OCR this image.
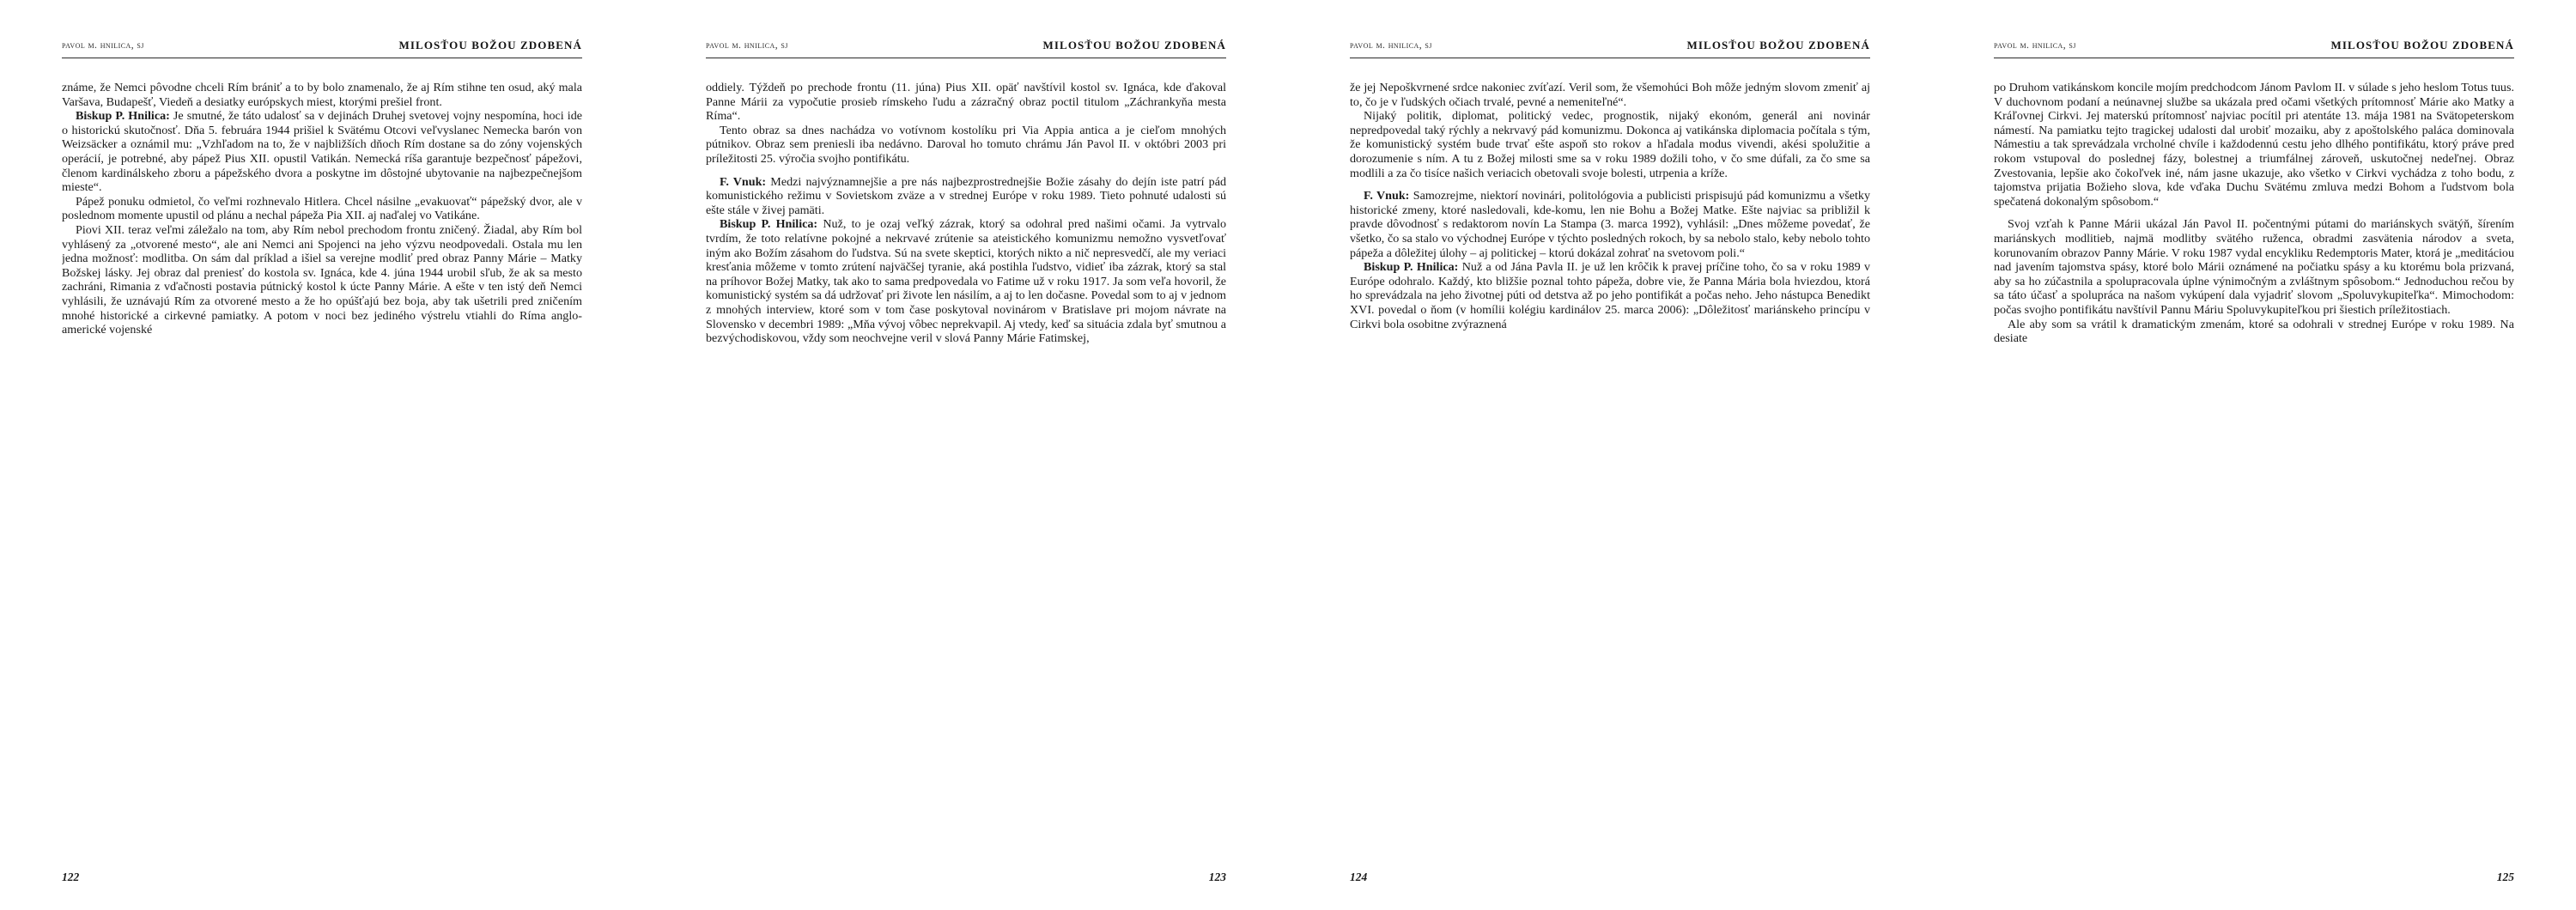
pavol m. hnilica, sj	MILOSŤOU BOŽOU ZDOBENÁ

známe, že Nemci pôvodne chceli Rím brániť a to by bolo znamenalo, že aj Rím stihne ten osud, aký mala Varšava, Budapešť, Viedeň a desiatky európskych miest, ktorými prešiel front.

Biskup P. Hnilica: Je smutné, že táto udalosť sa v dejinách Druhej svetovej vojny nespomína, hoci ide o historickú skutočnosť. Dňa 5. februára 1944 prišiel k Svätému Otcovi veľvyslanec Nemecka barón von Weizsäcker a oznámil mu: „Vzhľadom na to, že v najbližších dňoch Rím dostane sa do zóny vojenských operácií, je potrebné, aby pápež Pius XII. opustil Vatikán. Nemecká ríša garantuje bezpečnosť pápežovi, členom kardinálskeho zboru a pápežského dvora a poskytne im dôstojné ubytovanie na najbezpečnejšom mieste“.

Pápež ponuku odmietol, čo veľmi rozhnevalo Hitlera. Chcel násilne „evakuovať“ pápežský dvor, ale v poslednom momente upustil od plánu a nechal pápeža Pia XII. aj naďalej vo Vatikáne.

Piovi XII. teraz veľmi záležalo na tom, aby Rím nebol prechodom frontu zničený. Žiadal, aby Rím bol vyhlásený za „otvorené mesto“, ale ani Nemci ani Spojenci na jeho výzvu neodpovedali. Ostala mu len jedna možnosť: modlitba. On sám dal príklad a išiel sa verejne modliť pred obraz Panny Márie – Matky Božskej lásky. Jej obraz dal preniesť do kostola sv. Ignáca, kde 4. júna 1944 urobil sľub, že ak sa mesto zachráni, Rimania z vďačnosti postavia pútnický kostol k úcte Panny Márie. A ešte v ten istý deň Nemci vyhlásili, že uznávajú Rím za otvorené mesto a že ho opúšťajú bez boja, aby tak ušetrili pred zničením mnohé historické a cirkevné pamiatky. A potom v noci bez jediného výstrelu vtiahli do Ríma anglo-americké vojenské

122
pavol m. hnilica, sj	MILOSŤOU BOŽOU ZDOBENÁ

oddiely. Týždeň po prechode frontu (11. júna) Pius XII. opäť navštívil kostol sv. Ignáca, kde ďakoval Panne Márii za vypočutie prosieb rímskeho ľudu a zázračný obraz poctil titulom „Záchrankyňa mesta Ríma“.

Tento obraz sa dnes nachádza vo votívnom kostolíku pri Via Appia antica a je cieľom mnohých pútnikov. Obraz sem preniesli iba nedávno. Daroval ho tomuto chrámu Ján Pavol II. v októbri 2003 pri príležitosti 25. výročia svojho pontifikátu.

F. Vnuk: Medzi najvýznamnejšie a pre nás najbezprostrednejšie Božie zásahy do dejín iste patrí pád komunistického režimu v Sovietskom zväze a v strednej Európe v roku 1989. Tieto pohnuté udalosti sú ešte stále v živej pamäti.

Biskup P. Hnilica: Nuž, to je ozaj veľký zázrak, ktorý sa odohral pred našimi očami. Ja vytrvalo tvrdím, že toto relatívne pokojné a nekrvavé zrútenie sa ateistického komunizmu nemožno vysvetľovať iným ako Božím zásahom do ľudstva. Sú na svete skeptici, ktorých nikto a nič nepresvedčí, ale my veriaci kresťania môžeme v tomto zrútení najväčšej tyranie, aká postihla ľudstvo, vidieť iba zázrak, ktorý sa stal na príhovor Božej Matky, tak ako to sama predpovedala vo Fatime už v roku 1917. Ja som veľa hovoril, že komunistický systém sa dá udržovať pri živote len násilím, a aj to len dočasne. Povedal som to aj v jednom z mnohých interview, ktoré som v tom čase poskytoval novinárom v Bratislave pri mojom návrate na Slovensko v decembri 1989: „Mňa vývoj vôbec neprekvapil. Aj vtedy, keď sa situácia zdala byť smutnou a bezvýchodiskovou, vždy som neochvejne veril v slová Panny Márie Fatimskej,

123
pavol m. hnilica, sj	MILOSŤOU BOŽOU ZDOBENÁ

že jej Nepoškvrnené srdce nakoniec zvíťazí. Veril som, že všemohúci Boh môže jedným slovom zmeniť aj to, čo je v ľudských očiach trvalé, pevné a nemeniteľné“.

Nijaký politik, diplomat, politický vedec, prognostik, nijaký ekonóm, generál ani novinár nepredpovedal taký rýchly a nekrvavý pád komunizmu. Dokonca aj vatikánska diplomacia počítala s tým, že komunistický systém bude trvať ešte aspoň sto rokov a hľadala modus vivendi, akési spolužitie a dorozumenie s ním. A tu z Božej milosti sme sa v roku 1989 dožili toho, v čo sme dúfali, za čo sme sa modlili a za čo tisíce našich veriacich obetovali svoje bolesti, utrpenia a kríže.

F. Vnuk: Samozrejme, niektorí novinári, politológovia a publicisti prispisujú pád komunizmu a všetky historické zmeny, ktoré nasledovali, kde-komu, len nie Bohu a Božej Matke. Ešte najviac sa približil k pravde dôvodnosť s redaktorom novín La Stampa (3. marca 1992), vyhlásil: „Dnes môžeme povedať, že všetko, čo sa stalo vo východnej Európe v týchto posledných rokoch, by sa nebolo stalo, keby nebolo tohto pápeža a dôležitej úlohy – aj politickej – ktorú dokázal zohrať na svetovom poli.“

Biskup P. Hnilica: Nuž a od Jána Pavla II. je už len krôčik k pravej príčine toho, čo sa v roku 1989 v Európe odohralo. Každý, kto bližšie poznal tohto pápeža, dobre vie, že Panna Mária bola hviezdou, ktorá ho sprevádzala na jeho životnej púti od detstva až po jeho pontifikát a počas neho. Jeho nástupca Benedikt XVI. povedal o ňom (v homílii kolégiu kardinálov 25. marca 2006): „Dôležitosť mariánskeho princípu v Cirkvi bola osobitne zvýraznená

124
pavol m. hnilica, sj	MILOSŤOU BOŽOU ZDOBENÁ

po Druhom vatikánskom koncile mojím predchodcom Jánom Pavlom II. v súlade s jeho heslom Totus tuus. V duchovnom podaní a neúnavnej službe sa ukázala pred očami všetkých prítomnosť Márie ako Matky a Kráľovnej Cirkvi. Jej materskú prítomnosť najviac pocítil pri atentáte 13. mája 1981 na Svätopeterskom námestí. Na pamiatku tejto tragickej udalosti dal urobiť mozaiku, aby z apoštolského paláca dominovala Námestiu a tak sprevádzala vrcholné chvíle i každodennú cestu jeho dlhého pontifikátu, ktorý práve pred rokom vstupoval do poslednej fázy, bolestnej a triumfálnej zároveň, uskutočnej nedeľnej. Obraz Zvestovania, lepšie ako čokoľvek iné, nám jasne ukazuje, ako všetko v Cirkvi vychádza z toho bodu, z tajomstva prijatia Božieho slova, kde vďaka Duchu Svätému zmluva medzi Bohom a ľudstvom bola spečatená dokonalým spôsobom.“

Svoj vzťah k Panne Márii ukázal Ján Pavol II. počentnými pútami do mariánskych svätýň, šírením mariánskych modlitieb, najmä modlitby svätého ruženca, obradmi zasvätenia národov a sveta, korunovaním obrazov Panny Márie. V roku 1987 vydal encykliku Redemptoris Mater, ktorá je „meditáciou nad javením tajomstva spásy, ktoré bolo Márii oznámené na počiatku spásy a ku ktorému bola prizvaná, aby sa ho zúčastnila a spolupracovala úplne výnimočným a zvláštnym spôsobom.“ Jednoduchou rečou by sa táto účasť a spolupráca na našom vykúpení dala vyjadriť slovom „Spoluvykupiteľka“. Mimochodom: počas svojho pontifikátu navštívil Pannu Máriu Spoluvykupiteľkou pri šiestich príležitostiach.

Ale aby som sa vrátil k dramatickým zmenám, ktoré sa odohrali v strednej Európe v roku 1989. Na desiate

125
